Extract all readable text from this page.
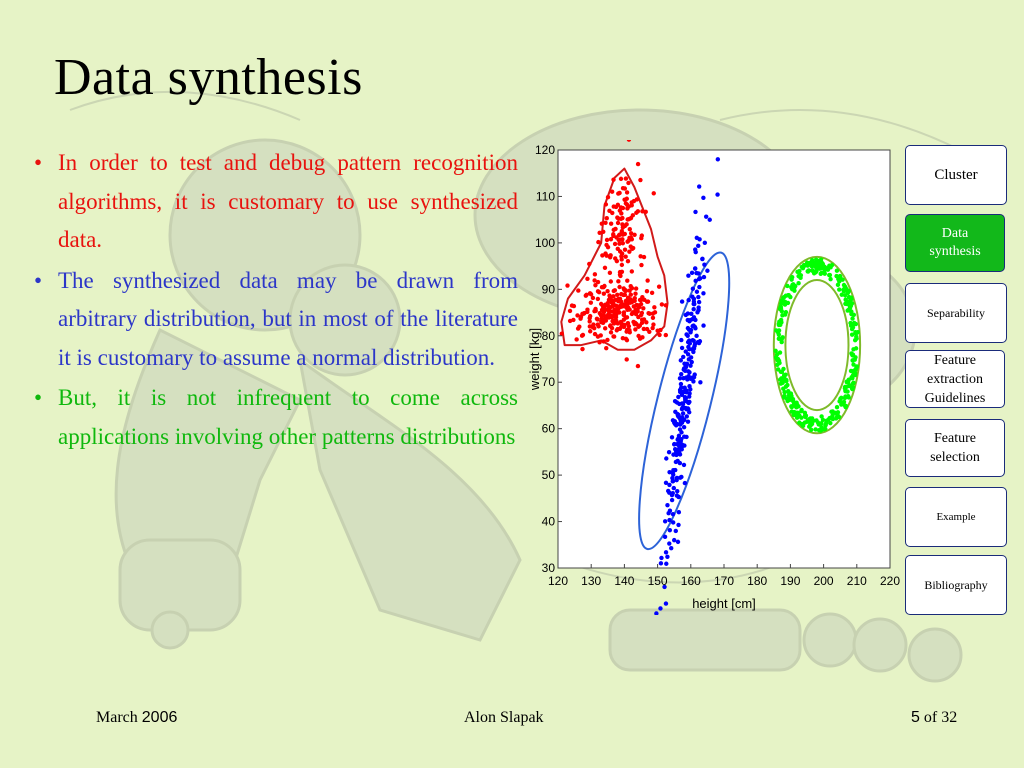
Data synthesis
• In order to test and debug pattern recognition algorithms, it is customary to use synthesized data.
• The synthesized data may be drawn from arbitrary distribution, but in most of the literature it is customary to assume a normal distribution.
• But, it is not infrequent to come across applications involving other patterns distributions
30
40
50
60
70
80
90
100
110
120
120 130 140 150 160 170 180 190 200 210 220
height [cm]
weight [kg]
Cluster
Data synthesis
Separability
Feature extraction Guidelines
Feature selection
Example
Bibliography
March 2006	Alon Slapak	5 of 32
